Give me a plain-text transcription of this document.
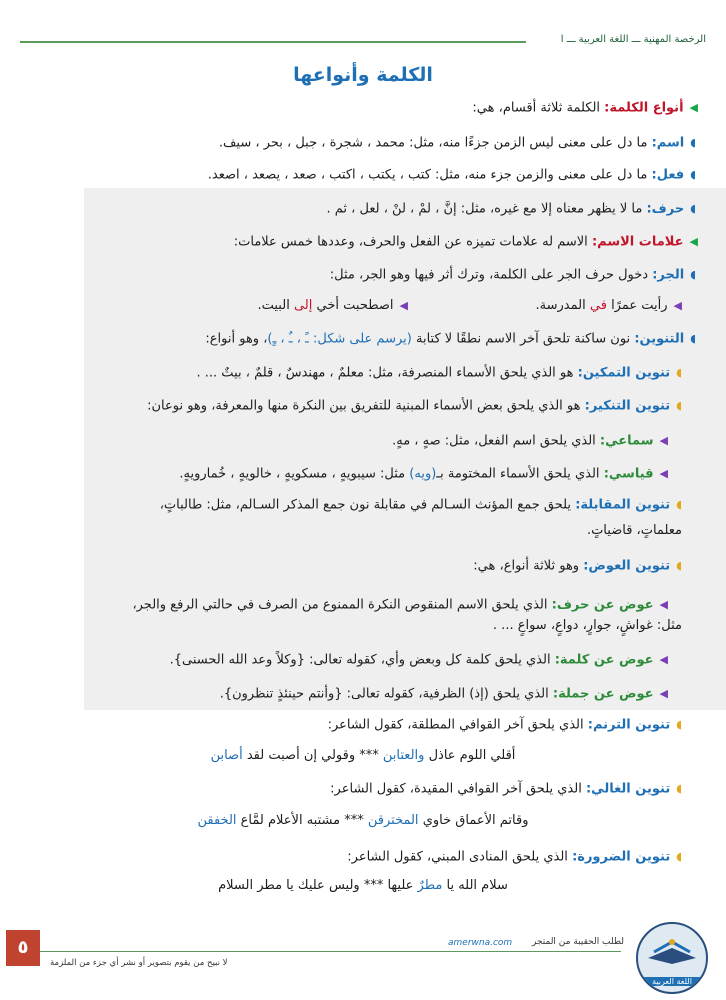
الرخصة المهنية ـــ اللغة العربية ـــ ا
الكلمة وأنواعها
◀أنواع الكلمة: الكلمة ثلاثة أقسام، هي:
◖اسم: ما دل على معنى ليس الزمن جزءًا منه، مثل: محمد ، شجرة ، جبل ، بحر ، سيف.
◖فعل: ما دل على معنى والزمن جزء منه، مثل: كتب ، يكتب ، اكتب ، صعد ، يصعد ، اصعد.
◖حرف: ما لا يظهر معناه إلا مع غيره، مثل: إنَّ ، لمْ ، لنْ ، لعل ، ثم .
◀علامات الاسم: الاسم له علامات تميزه عن الفعل والحرف، وعددها خمس علامات:
◖الجر: دخول حرف الجر على الكلمة، وترك أثر فيها وهو الجر، مثل:
◀رأيت عمرًا في المدرسة.
◀اصطحبت أخي إلى البيت.
◖التنوين: نون ساكنة تلحق آخر الاسم نطقًا لا كتابة (يرسم على شكل: ـً ، ـٌ ، ـٍ)، وهو أنواع:
◖تنوين التمكين: هو الذي يلحق الأسماء المنصرفة، مثل: معلمٌ ، مهندسٌ ، قلمٌ ، بيتٌ ... .
◖تنوين التنكير: هو الذي يلحق بعض الأسماء المبنية للتفريق بين النكرة منها والمعرفة، وهو نوعان:
◀سماعي: الذي يلحق اسم الفعل، مثل: صهٍ ، مهٍ.
◀قياسي: الذي يلحق الأسماء المختومة بـ(ويه) مثل: سيبويهٍ ، مسكويهٍ ، خالويهٍ ، خُمارويهٍ.
◖تنوين المقابلة: يلحق جمع المؤنث السـالم في مقابلة نون جمع المذكر السـالم، مثل: طالباتٍ،
معلماتٍ، قاضياتٍ.
◖تنوين العوض: وهو ثلاثة أنواع، هي:
◀عوض عن حرف: الذي يلحق الاسم المنقوص النكرة الممنوع من الصرف في حالتي الرفع والجر،
مثل: غواشٍ، جوارٍ، دواعٍ، سواعٍ ... .
◀عوض عن كلمة: الذي يلحق كلمة كل وبعض وأي، كقوله تعالى: {وكلاً وعد الله الحسنى}.
◀عوض عن جملة: الذي يلحق (إذ) الظرفية، كقوله تعالى: {وأنتم حينئذٍ تنظرون}.
◖تنوين الترنم: الذي يلحق آخر القوافي المطلقة، كقول الشاعر:
أقلي اللوم عاذل والعتابن *** وقولي إن أصبت لقد أصابن
◖تنوين الغالي: الذي يلحق آخر القوافي المقيدة، كقول الشاعر:
وقاتم الأعماق خاوي المخترقن *** مشتبه الأعلام لمَّاع الخفقن
◖تنوين الضرورة: الذي يلحق المنادى المبني، كقول الشاعر:
سلام الله يا مطرٌ عليها *** وليس عليك يا مطر السلام
٥	amerwna.com لطلب الحقيبة من المتجر
لا نبيح من يقوم بتصوير أو نشر أي جزء من الملزمة
اللغة العربية
